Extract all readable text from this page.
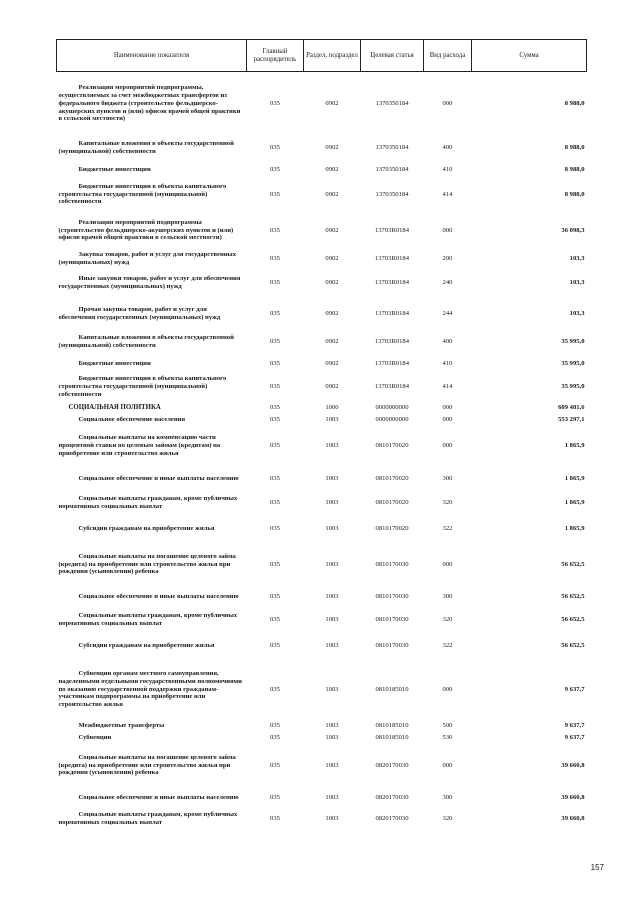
Наименование показателя	Главный распорядитель	Раздел, подраздел	Целевая статья	Вид расхода	Сумма
Реализация мероприятий подпрограммы, осуществляемых за счет межбюджетных трансфертов из федерального бюджета (строительство фельдшерско-акушерских пунктов и (или) офисов врачей общей практики в сельской местности)	035	0902	1370350184	000	8 988,0
Капитальные вложения в объекты государственной (муниципальной) собственности	035	0902	1370350184	400	8 988,0
Бюджетные инвестиции	035	0902	1370350184	410	8 988,0
Бюджетные инвестиции в объекты капитального строительства государственной (муниципальной) собственности	035	0902	1370350184	414	8 988,0
Реализация мероприятий подпрограммы (строительство фельдшерско-акушерских пунктов и (или) офисов врачей общей практики в сельской местности)	035	0902	13703R0184	000	36 098,3
Закупка товаров, работ и услуг для государственных (муниципальных) нужд	035	0902	13703R0184	200	103,3
Иные закупки товаров, работ и услуг для обеспечения государственных (муниципальных) нужд	035	0902	13703R0184	240	103,3
Прочая закупка товаров, работ и услуг для обеспечения государственных (муниципальных) нужд	035	0902	13703R0184	244	103,3
Капитальные вложения в объекты государственной (муниципальной) собственности	035	0902	13703R0184	400	35 995,0
Бюджетные инвестиции	035	0902	13703R0184	410	35 995,0
Бюджетные инвестиции в объекты капитального строительства государственной (муниципальной) собственности	035	0902	13703R0184	414	35 995,0
СОЦИАЛЬНАЯ ПОЛИТИКА	035	1000	0000000000	000	609 481,6
Социальное обеспечение населения	035	1003	0000000000	000	553 297,1
Социальные выплаты на компенсацию части процентной ставки по целевым займам (кредитам) на приобретение или строительство жилья	035	1003	0810170020	000	1 865,9
Социальное обеспечение и иные выплаты населению	035	1003	0810170020	300	1 865,9
Социальные выплаты гражданам, кроме публичных нормативных социальных выплат	035	1003	0810170020	320	1 865,9
Субсидии гражданам на приобретение жилья	035	1003	0810170020	322	1 865,9
Социальные выплаты на погашение целевого займа (кредита) на приобретение или строительство жилья при рождении (усыновлении) ребенка	035	1003	0810170030	000	56 652,5
Социальное обеспечение и иные выплаты населению	035	1003	0810170030	300	56 652,5
Социальные выплаты гражданам, кроме публичных нормативных социальных выплат	035	1003	0810170030	320	56 652,5
Субсидии гражданам на приобретение жилья	035	1003	0810170030	322	56 652,5
Субвенции органам местного самоуправления, наделенными отдельными государственными полномочиями по оказанию государственной поддержки гражданам-участникам подпрограммы на приобретение или строительство жилья	035	1003	0810185010	000	9 637,7
Межбюджетные трансферты	035	1003	0810185010	500	9 637,7
Субвенции	035	1003	0810185010	530	9 637,7
Социальные выплаты на погашение целевого займа (кредита) на приобретение или строительство жилья при рождении (усыновлении) ребенка	035	1003	0820170030	000	39 660,8
Социальное обеспечение и иные выплаты населению	035	1003	0820170030	300	39 660,8
Социальные выплаты гражданам, кроме публичных нормативных социальных выплат	035	1003	0820170030	320	39 660,8
157
